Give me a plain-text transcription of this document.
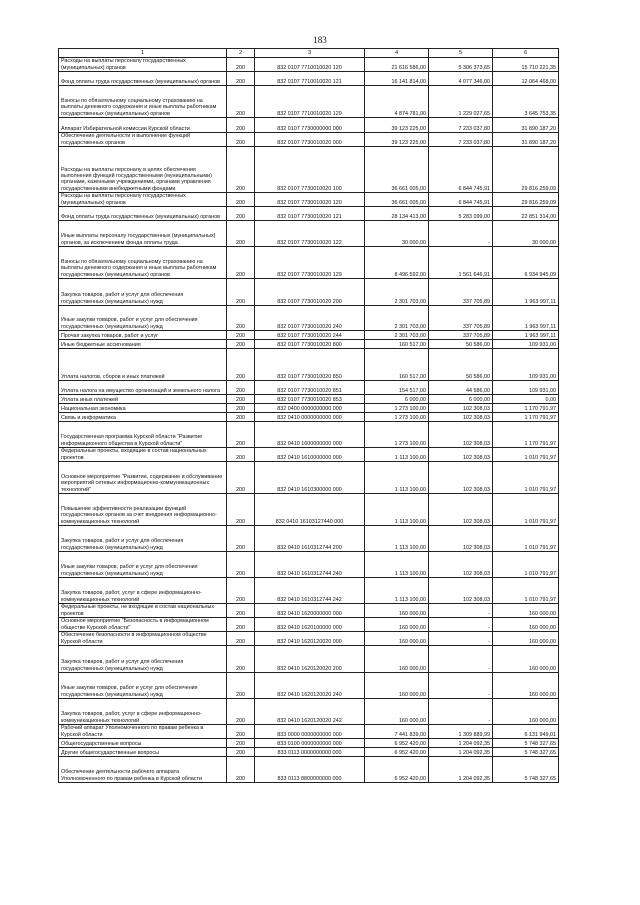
183
1	2	3	4	5	6
Расходы на выплаты персоналу государственных (муниципальных) органов	200	832 0107 7710010020 120	21 616 586,00	5 306 373,65	15 710 221,35
Фонд оплаты труда государственных (муниципальных) органов	200	832 0107 7710010020 121	16 141 814,00	4 077 346,00	12 064 468,00
Взносы по обязательному социальному страхованию на выплаты денежного содержания и иные выплаты работникам государственных (муниципальных) органов	200	832 0107 7710010020 129	4 874 781,00	1 229 027,65	3 645 753,35
Аппарат Избирательной комиссии Курской области	200	832 0107 7730000000 000	39 123 225,00	7 233 037,80	31 890 187,20
Обеспечение деятельности и выполнение функций государственных органов	200	832 0107 7730010020 000	39 123 225,00	7 233 037,80	31 890 187,20
Расходы на выплаты персоналу в целях обеспечения выполнения функций государственными (муниципальными) органами, казенными учреждениями, органами управления государственными внебюджетными фондами	200	832 0107 7730010020 100	36 661 005,00	6 844 745,91	29 816 259,09
Расходы на выплаты персоналу государственных (муниципальных) органов	200	832 0107 7730010020 120	36 661 005,00	6 844 745,91	29 816 259,09
Фонд оплаты труда государственных (муниципальных) органов	200	832 0107 7730010020 121	28 134 413,00	5 283 099,00	22 851 314,00
Иные выплаты персоналу государственных (муниципальных) органов, за исключением фонда оплаты труда	200	832 0107 7730010020 122	30 000,00	-	30 000,00
Взносы по обязательному социальному страхованию на выплаты денежного содержания и иные выплаты работникам государственных (муниципальных) органов	200	832 0107 7730010020 129	8 496 592,00	1 561 646,91	6 934 945,09
Закупка товаров, работ и услуг для обеспечения государственных (муниципальных) нужд	200	832 0107 7730010020 200	2 301 703,00	337 705,89	1 963 997,11
Иные закупки товаров, работ и услуг для обеспечения государственных (муниципальных) нужд	200	832 0107 7730010020 240	2 301 703,00	337 705,89	1 963 997,11
Прочая закупка товаров, работ и услуг	200	832 0107 7730010020 244	2 301 703,00	337 705,89	1 963 997,11
Иные бюджетные ассигнования	200	832 0107 7730010020 800	160 517,00	50 586,00	109 931,00
Уплата налогов, сборов и иных платежей	200	832 0107 7730010020 850	160 517,00	50 586,00	109 931,00
Уплата налога на имущество организаций и земельного налога	200	832 0107 7730010020 851	154 517,00	44 586,00	109 931,00
Уплата иных платежей	200	832 0107 7730010020 853	6 000,00	6 000,00	0,00
Национальная экономика	200	832 0400 0000000000 000	1 273 100,00	102 308,03	1 170 791,97
Связь и информатика	200	832 0410 0000000000 000	1 273 100,00	102 308,03	1 170 791,97
Государственная программа Курской области "Развитие информационного общества в Курской области"	200	832 0410 1600000000 000	1 273 100,00	102 308,03	1 170 791,97
Федеральные проекты, входящие в состав национальных проектов	200	832 0410 1610000000 000	1 113 100,00	102 308,03	1 010 791,97
Основное мероприятие "Развитие, содержание и обслуживание мероприятий сетевых информационно-коммуникационных технологий"	200	832 0410 1610300000 000	1 113 100,00	102 308,03	1 010 791,97
Повышение эффективности реализации функций государственных органов за счет внедрения информационно-коммуникационных технологий	200	832 0410 16103127440 000	1 113 100,00	102 308,03	1 010 791,97
Закупка товаров, работ и услуг для обеспечения государственных (муниципальных) нужд	200	832 0410 1610312744 200	1 113 100,00	102 308,03	1 010 791,97
Иные закупки товаров, работ и услуг для обеспечения государственных (муниципальных) нужд	200	832 0410 1610312744 240	1 113 100,00	102 308,03	1 010 791,97
Закупка товаров, работ, услуг в сфере информационно-коммуникационных технологий	200	832 0410 1610312744 242	1 113 100,00	102 308,03	1 010 791,97
Федеральные проекты, не входящие в состав национальных проектов	200	832 0410 1620000000 000	160 000,00	-	160 000,00
Основное мероприятие "Безопасность в информационном обществе Курской области"	200	832 0410 1620100000 000	160 000,00	-	160 000,00
Обеспечение безопасности в информационном обществе Курской области	200	832 0410 1620120020 000	160 000,00	-	160 000,00
Закупка товаров, работ и услуг для обеспечения государственных (муниципальных) нужд	200	832 0410 1620120020 200	160 000,00	-	160 000,00
Иные закупки товаров, работ и услуг для обеспечения государственных (муниципальных) нужд	200	832 0410 1620120020 240	160 000,00	-	160 000,00
Закупка товаров, работ, услуг в сфере информационно-коммуникационных технологий	200	832 0410 1620120020 242	160 000,00	-	160 000,00
Рабочий аппарат Уполномоченного по правам ребенка в Курской области	200	833 0000 0000000000 000	7 441 839,00	1 309 889,99	6 131 949,01
Общегосударственные вопросы	200	833 0100 0000000000 000	6 952 420,00	1 204 092,35	5 748 327,65
Другие общегосударственные вопросы	200	833 0113 0000000000 000	6 952 420,00	1 204 092,35	5 748 327,65
Обеспечение деятельности рабочего аппарата Уполномоченного по правам ребенка в Курской области	200	833 0113 8800000000 000	6 952 420,00	1 204 092,35	5 748 327,65
